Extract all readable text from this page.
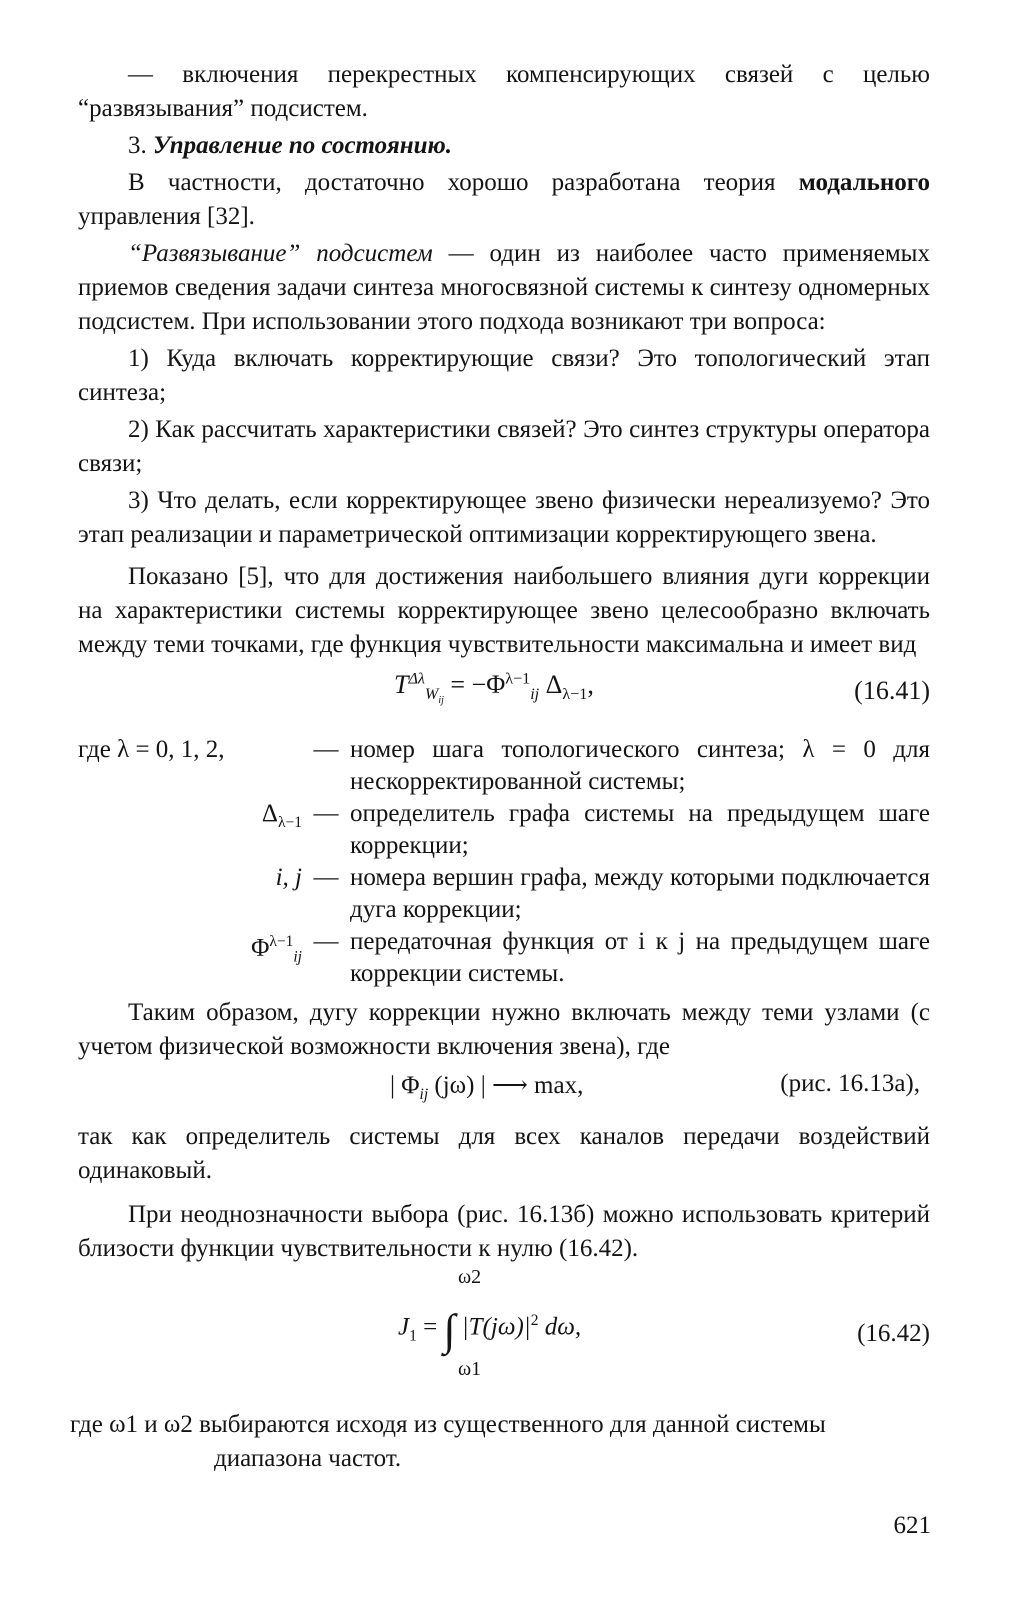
— включения перекрестных компенсирующих связей с целью “развязывания” подсистем.

3. Управление по состоянию.

В частности, достаточно хорошо разработана теория модального управления [32].

“Развязывание” подсистем — один из наиболее часто применяемых приемов сведения задачи синтеза многосвязной системы к синтезу одномерных подсистем. При использовании этого подхода возникают три вопроса:

1) Куда включать корректирующие связи? Это топологический этап синтеза;

2) Как рассчитать характеристики связей? Это синтез структуры оператора связи;

3) Что делать, если корректирующее звено физически нереализуемо? Это этап реализации и параметрической оптимизации корректирующего звена.

Показано [5], что для достижения наибольшего влияния дуги коррекции на характеристики системы корректирующее звено целесообразно включать между теми точками, где функция чувствительности максимальна и имеет вид

$T^{\Delta\lambda}_{W_{ij}} = -\Phi^{\lambda-1}_{ij}$ $\Delta_{\lambda-1}$,	(16.41)
где λ = 0, 1, 2,	— номер шага топологического синтеза; λ = 0 для нескорректированной системы;
$\Delta_{\lambda-1}$ — определитель графа системы на предыдущем шаге коррекции;
i, j — номера вершин графа, между которыми подключается дуга коррекции;
$\Phi^{\lambda-1}_{ij}$
— передаточная функция от i к j на предыдущем шаге коррекции системы.

Таким образом, дугу коррекции нужно включать между теми узлами (с учетом физической возможности включения звена), где

| $\Phi_{ij}$ (jω) | ⟶ max,	(рис. 16.13а),

так как определитель системы для всех каналов передачи воздействий одинаковый.

При неоднозначности выбора (рис. 16.13б) можно использовать критерий близости функции чувствительности к нулю (16.42).

ω2
$J_1$ = ∫ $|T(j\omega)|^2$ dω,
ω1
(16.42)

где ω1 и ω2 выбираются исходя из существенного для данной системы

диапазона частот.

621
